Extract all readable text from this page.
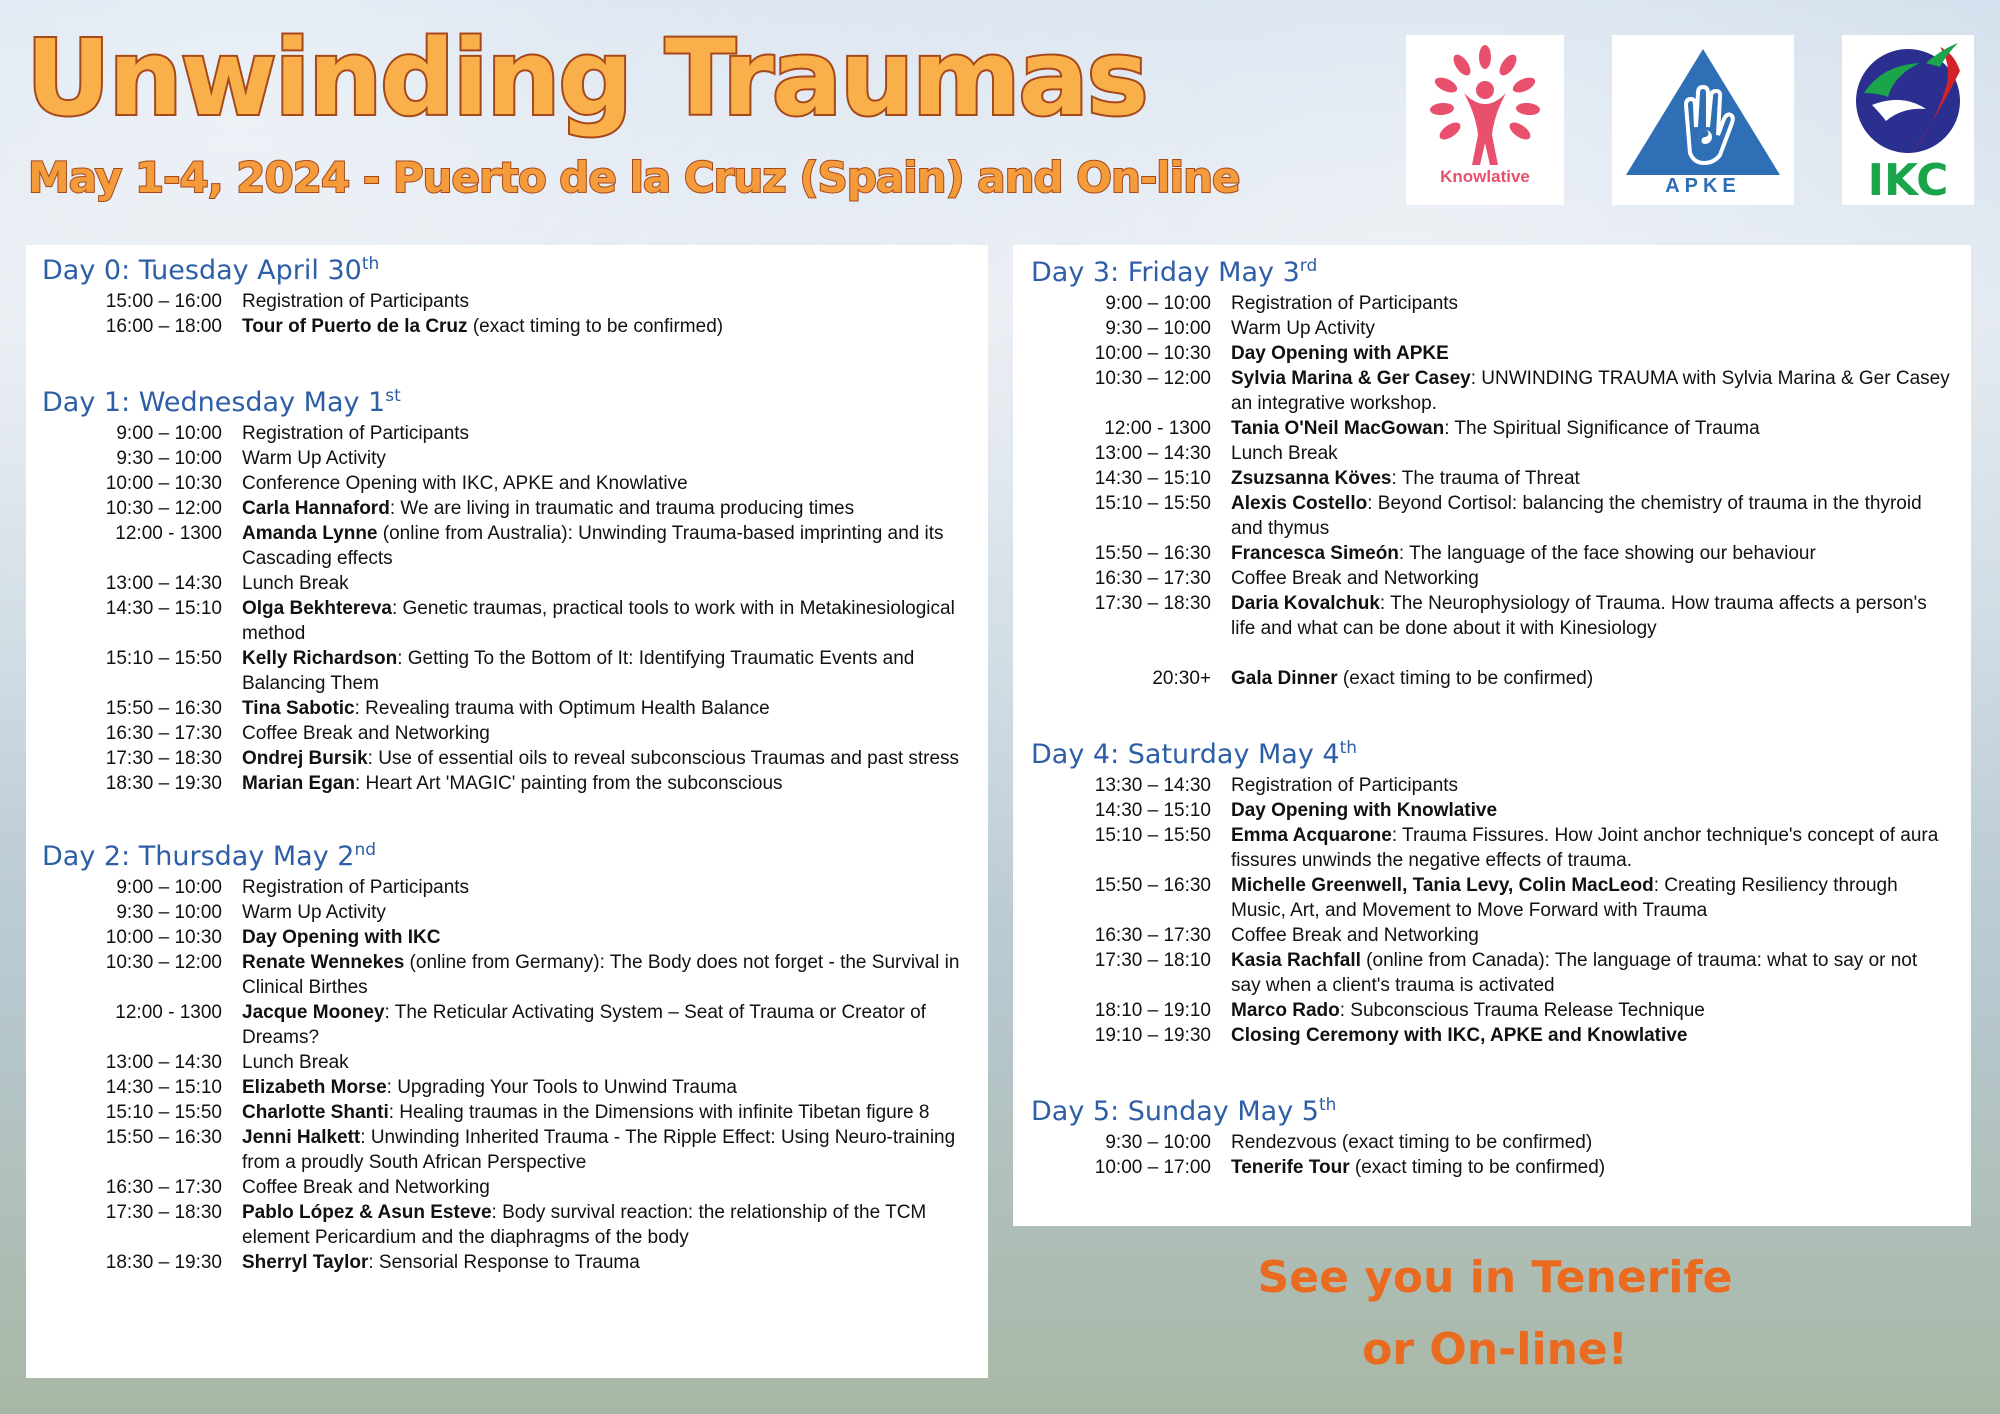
Unwinding Traumas
May 1-4, 2024 - Puerto de la Cruz (Spain) and On-line	Knowlative	APKE	IKC
Day 0: Tuesday April 30th
15:00 – 16:00	Registration of Participants
16:00 – 18:00	Tour of Puerto de la Cruz (exact timing to be confirmed)
Day 1: Wednesday May 1st
9:00 – 10:00	Registration of Participants
9:30 – 10:00	Warm Up Activity
10:00 – 10:30	Conference Opening with IKC, APKE and Knowlative
10:30 – 12:00	Carla Hannaford: We are living in traumatic and trauma producing times
12:00 - 1300	Amanda Lynne (online from Australia): Unwinding Trauma-based imprinting and its Cascading effects
13:00 – 14:30	Lunch Break
14:30 – 15:10	Olga Bekhtereva: Genetic traumas, practical tools to work with in Metakinesiological method
15:10 – 15:50	Kelly Richardson: Getting To the Bottom of It: Identifying Traumatic Events and Balancing Them
15:50 – 16:30	Tina Sabotic: Revealing trauma with Optimum Health Balance
16:30 – 17:30	Coffee Break and Networking
17:30 – 18:30	Ondrej Bursik: Use of essential oils to reveal subconscious Traumas and past stress
18:30 – 19:30	Marian Egan: Heart Art 'MAGIC' painting from the subconscious
Day 2: Thursday May 2nd
9:00 – 10:00	Registration of Participants
9:30 – 10:00	Warm Up Activity
10:00 – 10:30	Day Opening with IKC
10:30 – 12:00	Renate Wennekes (online from Germany): The Body does not forget - the Survival in Clinical Birthes
12:00 - 1300	Jacque Mooney: The Reticular Activating System – Seat of Trauma or Creator of Dreams?
13:00 – 14:30	Lunch Break
14:30 – 15:10	Elizabeth Morse: Upgrading Your Tools to Unwind Trauma
15:10 – 15:50	Charlotte Shanti: Healing traumas in the Dimensions with infinite Tibetan figure 8
15:50 – 16:30	Jenni Halkett: Unwinding Inherited Trauma - The Ripple Effect: Using Neuro-training from a proudly South African Perspective
16:30 – 17:30	Coffee Break and Networking
17:30 – 18:30	Pablo López & Asun Esteve: Body survival reaction: the relationship of the TCM element Pericardium and the diaphragms of the body
18:30 – 19:30	Sherryl Taylor: Sensorial Response to Trauma
Day 3: Friday May 3rd
9:00 – 10:00	Registration of Participants
9:30 – 10:00	Warm Up Activity
10:00 – 10:30	Day Opening with APKE
10:30 – 12:00	Sylvia Marina & Ger Casey: UNWINDING TRAUMA with Sylvia Marina & Ger Casey an integrative workshop.
12:00 - 1300	Tania O'Neil MacGowan: The Spiritual Significance of Trauma
13:00 – 14:30	Lunch Break
14:30 – 15:10	Zsuzsanna Köves: The trauma of Threat
15:10 – 15:50	Alexis Costello: Beyond Cortisol: balancing the chemistry of trauma in the thyroid and thymus
15:50 – 16:30	Francesca Simeón: The language of the face showing our behaviour
16:30 – 17:30	Coffee Break and Networking
17:30 – 18:30	Daria Kovalchuk: The Neurophysiology of Trauma. How trauma affects a person's life and what can be done about it with Kinesiology
20:30+	Gala Dinner (exact timing to be confirmed)
Day 4: Saturday May 4th
13:30 – 14:30	Registration of Participants
14:30 – 15:10	Day Opening with Knowlative
15:10 – 15:50	Emma Acquarone: Trauma Fissures. How Joint anchor technique's concept of aura fissures unwinds the negative effects of trauma.
15:50 – 16:30	Michelle Greenwell, Tania Levy, Colin MacLeod: Creating Resiliency through Music, Art, and Movement to Move Forward with Trauma
16:30 – 17:30	Coffee Break and Networking
17:30 – 18:10	Kasia Rachfall (online from Canada): The language of trauma: what to say or not say when a client's trauma is activated
18:10 – 19:10	Marco Rado: Subconscious Trauma Release Technique
19:10 – 19:30	Closing Ceremony with IKC, APKE and Knowlative
Day 5: Sunday May 5th
9:30 – 10:00	Rendezvous (exact timing to be confirmed)
10:00 – 17:00	Tenerife Tour (exact timing to be confirmed)
See you in Tenerife
or On-line!
